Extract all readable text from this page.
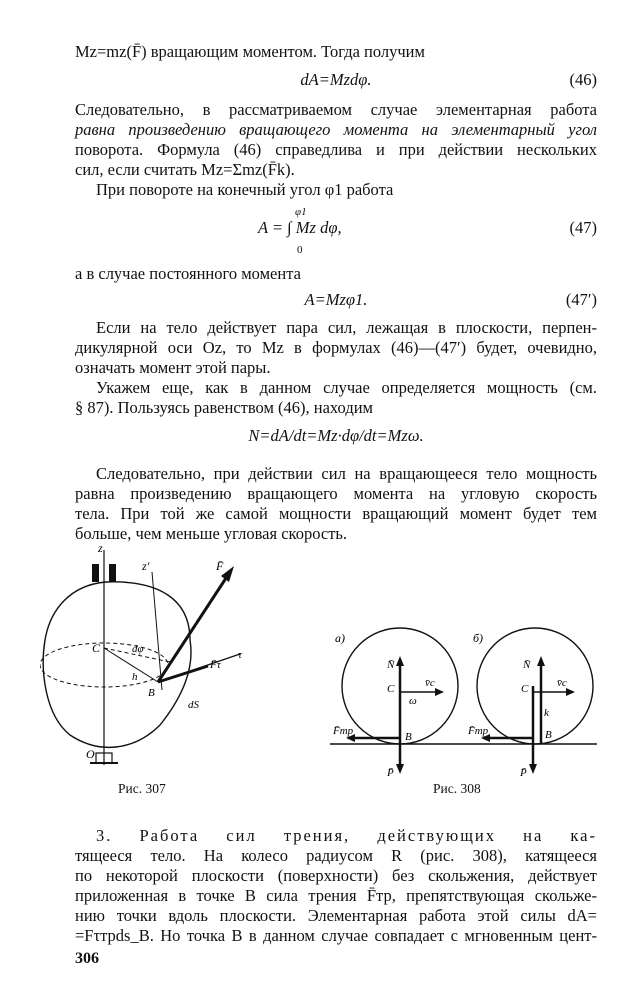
Mz=mz(F̄) вращающим моментом. Тогда получим
dA=Mzdφ.	(46)
Следовательно, в рассматриваемом случае элементарная работа
равна произведению вращающего момента на элементарный угол
поворота. Формула (46) справедлива и при действии нескольких
сил, если считать Mz=Σmz(F̄k).
При повороте на конечный угол φ1 работа
φ1
A = ∫ Mz dφ,
0
(47)
а в случае постоянного момента
A=Mzφ1.	(47′)
Если на тело действует пара сил, лежащая в плоскости, перпен-
дикулярной оси Oz, то Mz в формулах (46)—(47′) будет, очевидно,
означать момент этой пары.
Укажем еще, как в данном случае определяется мощность (см.
§ 87). Пользуясь равенством (46), находим
N=dA/dt=Mz·dφ/dt=Mzω.
Следовательно, при действии сил на вращающееся тело мощность
равна произведению вращающего момента на угловую скорость
тела. При той же самой мощности вращающий момент будет тем
больше, чем меньше угловая скорость.
z
z′
C	dφ
h
B
F̄
F̄τ
τ
dS
O
Рис. 307
a)
N̄
C	v̄c
ω
F̄тр	B
P̄
б)
N̄
C	v̄c
k
F̄тр	B
P̄
Рис. 308
3. Работа сил трения, действующих на ка-
тящееся тело. На колесо радиусом R (рис. 308), катящееся
по некоторой плоскости (поверхности) без скольжения, действует
приложенная в точке B сила трения F̄тр, препятствующая скольже-
нию точки вдоль плоскости. Элементарная работа этой силы dA=
=Fτтрds_B. Но точка B в данном случае совпадает с мгновенным цент-
306
